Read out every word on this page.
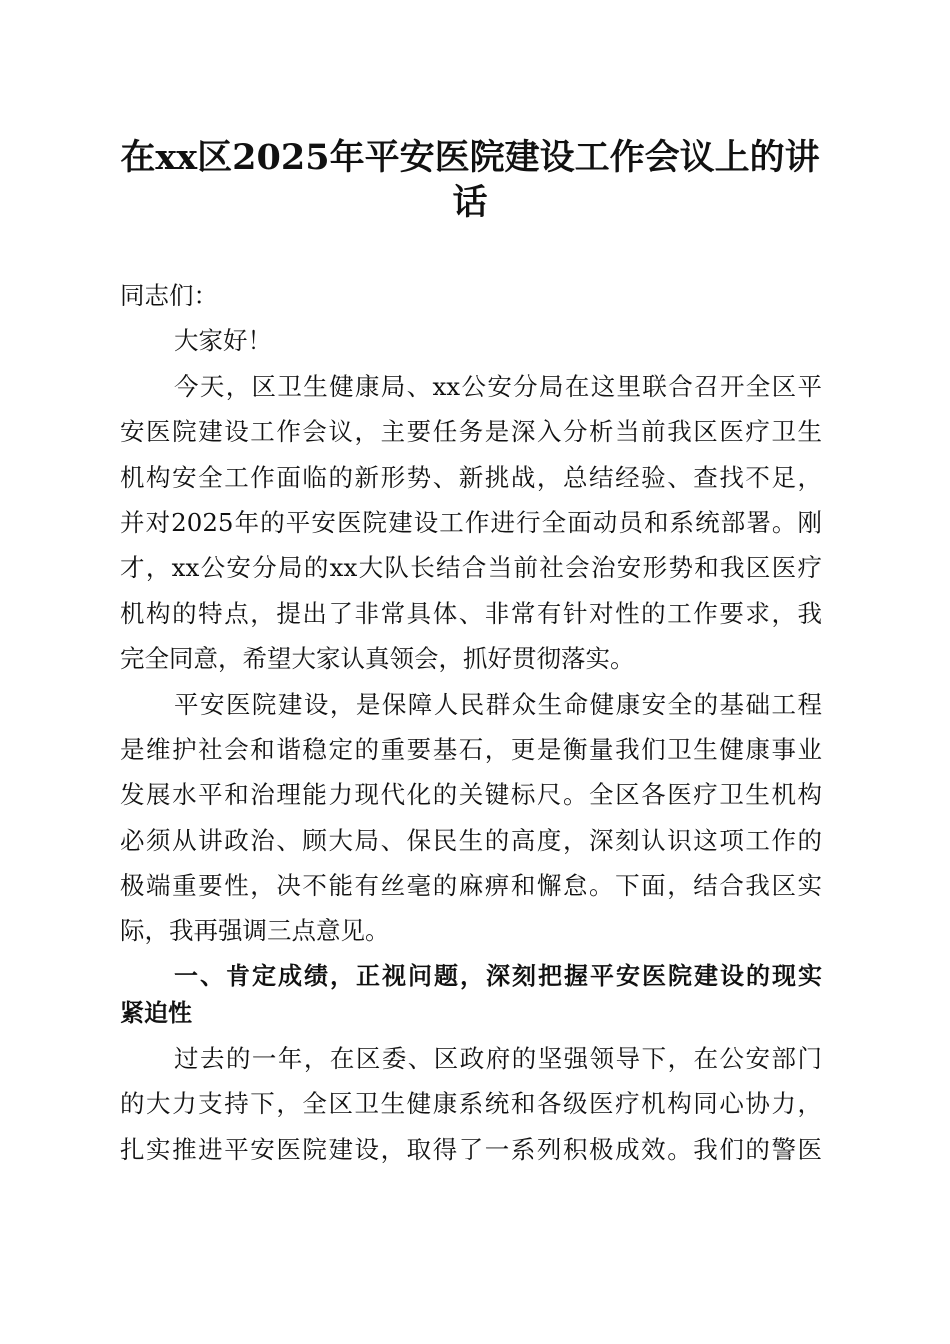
在xx区2025年平安医院建设工作会议上的讲
话
同志们：
大家好！
今天，区卫生健康局、xx公安分局在这里联合召开全区平
安医院建设工作会议，主要任务是深入分析当前我区医疗卫生
机构安全工作面临的新形势、新挑战，总结经验、查找不足，
并对2025年的平安医院建设工作进行全面动员和系统部署。刚
才，xx公安分局的xx大队长结合当前社会治安形势和我区医疗
机构的特点，提出了非常具体、非常有针对性的工作要求，我
完全同意，希望大家认真领会，抓好贯彻落实。
平安医院建设，是保障人民群众生命健康安全的基础工程
是维护社会和谐稳定的重要基石，更是衡量我们卫生健康事业
发展水平和治理能力现代化的关键标尺。全区各医疗卫生机构
必须从讲政治、顾大局、保民生的高度，深刻认识这项工作的
极端重要性，决不能有丝毫的麻痹和懈怠。下面，结合我区实
际，我再强调三点意见。
一、肯定成绩，正视问题，深刻把握平安医院建设的现实
紧迫性
过去的一年，在区委、区政府的坚强领导下，在公安部门
的大力支持下，全区卫生健康系统和各级医疗机构同心协力，
扎实推进平安医院建设，取得了一系列积极成效。我们的警医
